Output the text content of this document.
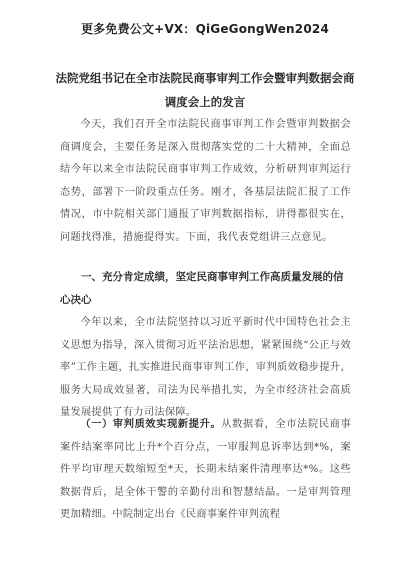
更多免费公文+VX：QiGeGongWen2024
法院党组书记在全市法院民商事审判工作会暨审判数据会商调度会上的发言
今天，我们召开全市法院民商事审判工作会暨审判数据会商调度会，主要任务是深入贯彻落实党的二十大精神，全面总结今年以来全市法院民商事审判工作成效，分析研判审判运行态势，部署下一阶段重点任务。刚才，各基层法院汇报了工作情况，市中院相关部门通报了审判数据指标，讲得都很实在，问题找得准，措施提得实。下面，我代表党组讲三点意见。
一、充分肯定成绩，坚定民商事审判工作高质量发展的信心决心
今年以来，全市法院坚持以习近平新时代中国特色社会主义思想为指导，深入贯彻习近平法治思想，紧紧围绕“公正与效率”工作主题，扎实推进民商事审判工作，审判质效稳步提升，服务大局成效显著，司法为民举措扎实，为全市经济社会高质量发展提供了有力司法保障。
（一）审判质效实现新提升。从数据看，全市法院民商事案件结案率同比上升*个百分点，一审服判息诉率达到*%，案件平均审理天数缩短至*天，长期未结案件清理率达*%。这些数据背后，是全体干警的辛勤付出和智慧结晶。一是审判管理更加精细。中院制定出台《民商事案件审判流程
